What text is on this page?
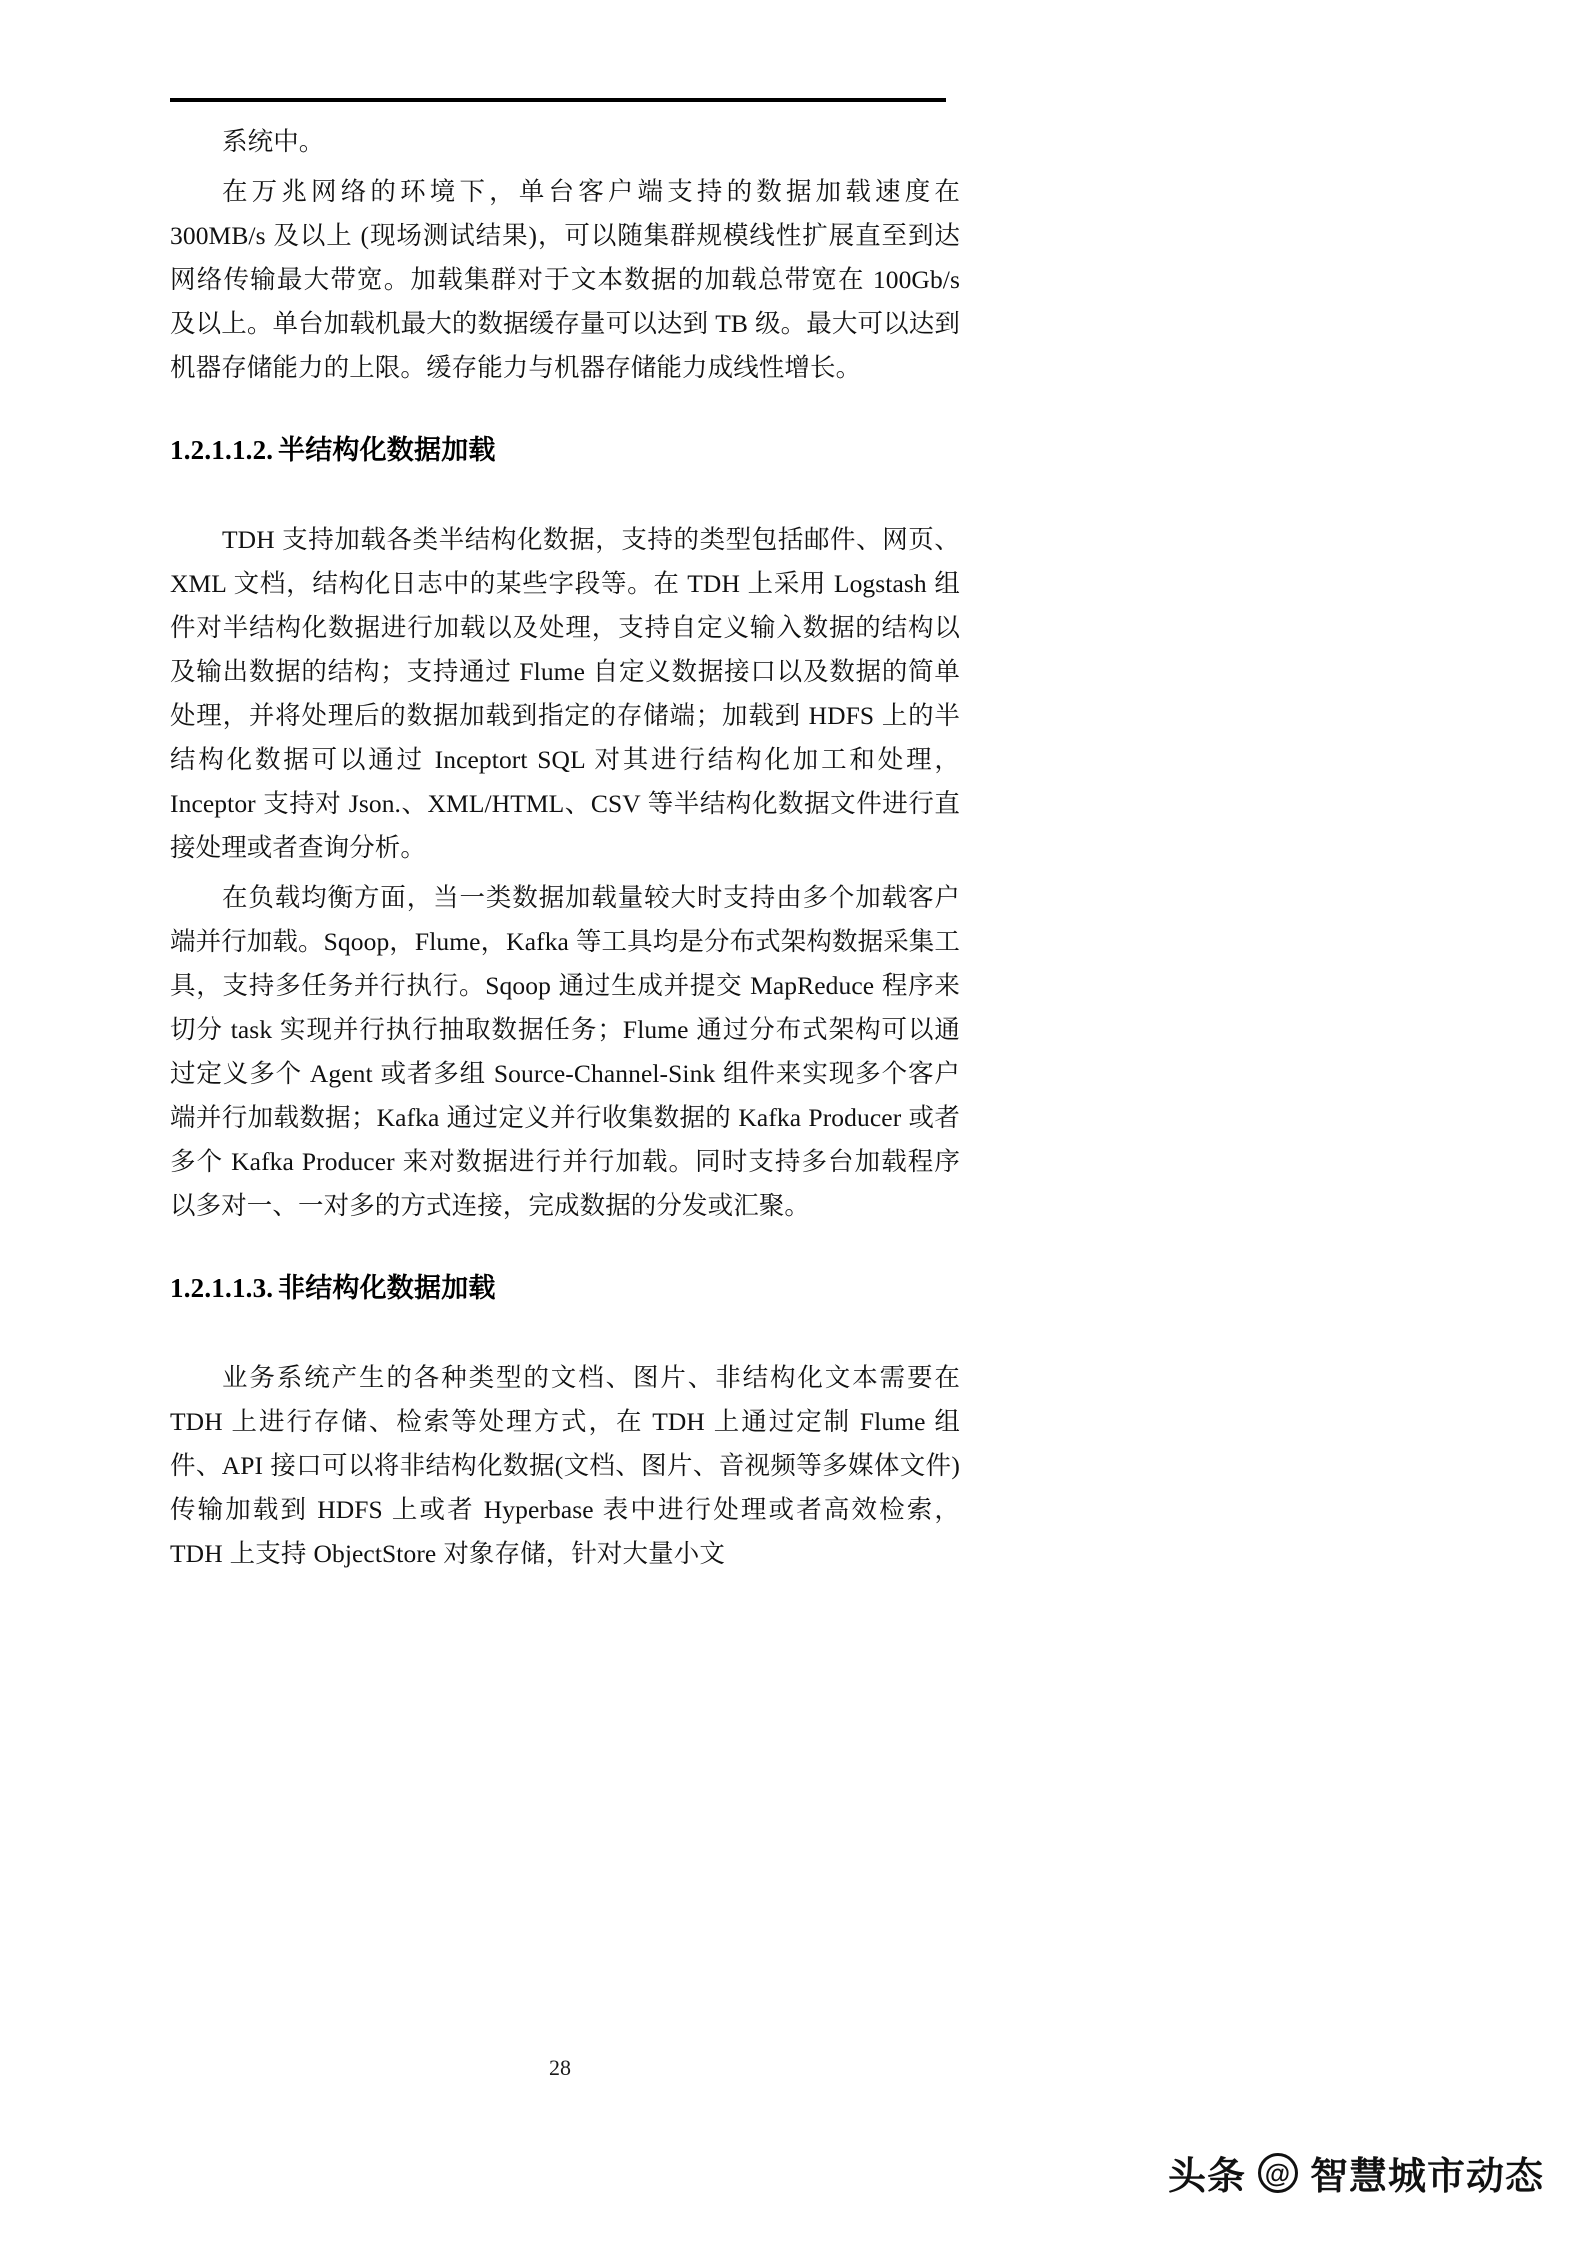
系统中。

在万兆网络的环境下，单台客户端支持的数据加载速度在 300MB/s 及以上 (现场测试结果)，可以随集群规模线性扩展直至到达网络传输最大带宽。加载集群对于文本数据的加载总带宽在 100Gb/s 及以上。单台加载机最大的数据缓存量可以达到 TB 级。最大可以达到机器存储能力的上限。缓存能力与机器存储能力成线性增长。

1.2.1.1.2. 半结构化数据加载

TDH 支持加载各类半结构化数据，支持的类型包括邮件、网页、XML 文档，结构化日志中的某些字段等。在 TDH 上采用 Logstash 组件对半结构化数据进行加载以及处理，支持自定义输入数据的结构以及输出数据的结构；支持通过 Flume 自定义数据接口以及数据的简单处理，并将处理后的数据加载到指定的存储端；加载到 HDFS 上的半结构化数据可以通过 Inceptort SQL 对其进行结构化加工和处理，Inceptor 支持对 Json.、XML/HTML、CSV 等半结构化数据文件进行直接处理或者查询分析。

在负载均衡方面，当一类数据加载量较大时支持由多个加载客户端并行加载。Sqoop，Flume，Kafka 等工具均是分布式架构数据采集工具，支持多任务并行执行。Sqoop 通过生成并提交 MapReduce 程序来切分 task 实现并行执行抽取数据任务；Flume 通过分布式架构可以通过定义多个 Agent 或者多组 Source-Channel-Sink 组件来实现多个客户端并行加载数据；Kafka 通过定义并行收集数据的 Kafka Producer 或者多个 Kafka Producer 来对数据进行并行加载。同时支持多台加载程序以多对一、一对多的方式连接，完成数据的分发或汇聚。

1.2.1.1.3. 非结构化数据加载

业务系统产生的各种类型的文档、图片、非结构化文本需要在 TDH 上进行存储、检索等处理方式，在 TDH 上通过定制 Flume 组件、API 接口可以将非结构化数据(文档、图片、音视频等多媒体文件)传输加载到 HDFS 上或者 Hyperbase 表中进行处理或者高效检索，TDH 上支持 ObjectStore 对象存储，针对大量小文

28
头条 @ 智慧城市动态
